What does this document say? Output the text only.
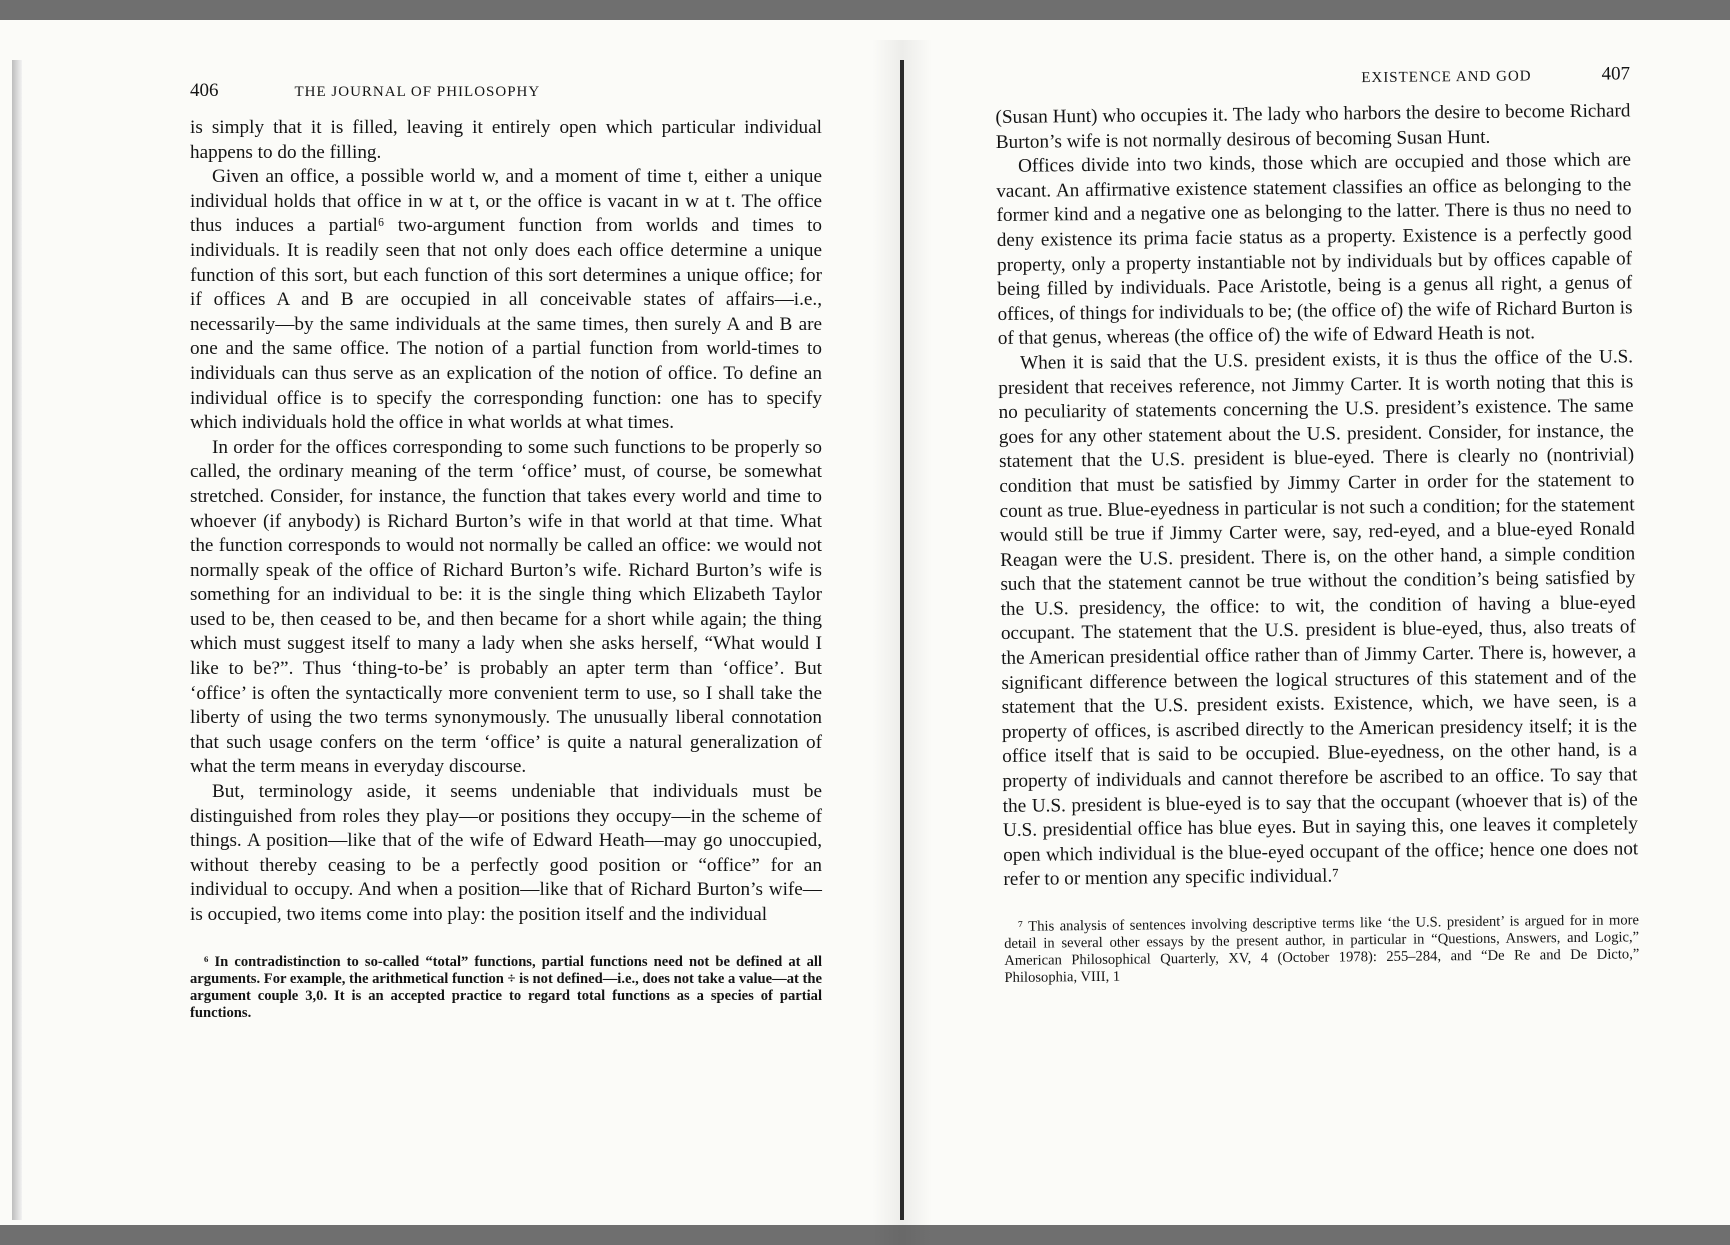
406	THE JOURNAL OF PHILOSOPHY

is simply that it is filled, leaving it entirely open which particular individual happens to do the filling.

Given an office, a possible world w, and a moment of time t, either a unique individual holds that office in w at t, or the office is vacant in w at t. The office thus induces a partial⁶ two-argument function from worlds and times to individuals. It is readily seen that not only does each office determine a unique function of this sort, but each function of this sort determines a unique office; for if offices A and B are occupied in all conceivable states of affairs—i.e., necessarily—by the same individuals at the same times, then surely A and B are one and the same office. The notion of a partial function from world-times to individuals can thus serve as an explication of the notion of office. To define an individual office is to specify the corresponding function: one has to specify which individuals hold the office in what worlds at what times.

In order for the offices corresponding to some such functions to be properly so called, the ordinary meaning of the term ‘office’ must, of course, be somewhat stretched. Consider, for instance, the function that takes every world and time to whoever (if anybody) is Richard Burton’s wife in that world at that time. What the function corresponds to would not normally be called an office: we would not normally speak of the office of Richard Burton’s wife. Richard Burton’s wife is something for an individual to be: it is the single thing which Elizabeth Taylor used to be, then ceased to be, and then became for a short while again; the thing which must suggest itself to many a lady when she asks herself, “What would I like to be?”. Thus ‘thing-to-be’ is probably an apter term than ‘office’. But ‘office’ is often the syntactically more convenient term to use, so I shall take the liberty of using the two terms synonymously. The unusually liberal connotation that such usage confers on the term ‘office’ is quite a natural generalization of what the term means in everyday discourse.

But, terminology aside, it seems undeniable that individuals must be distinguished from roles they play—or positions they occupy—in the scheme of things. A position—like that of the wife of Edward Heath—may go unoccupied, without thereby ceasing to be a perfectly good position or “office” for an individual to occupy. And when a position—like that of Richard Burton’s wife—is occupied, two items come into play: the position itself and the individual

⁶ In contradistinction to so-called “total” functions, partial functions need not be defined at all arguments. For example, the arithmetical function ÷ is not defined—i.e., does not take a value—at the argument couple 3,0. It is an accepted practice to regard total functions as a species of partial functions.

EXISTENCE AND GOD	407

(Susan Hunt) who occupies it. The lady who harbors the desire to become Richard Burton’s wife is not normally desirous of becoming Susan Hunt.

Offices divide into two kinds, those which are occupied and those which are vacant. An affirmative existence statement classifies an office as belonging to the former kind and a negative one as belonging to the latter. There is thus no need to deny existence its prima facie status as a property. Existence is a perfectly good property, only a property instantiable not by individuals but by offices capable of being filled by individuals. Pace Aristotle, being is a genus all right, a genus of offices, of things for individuals to be; (the office of) the wife of Richard Burton is of that genus, whereas (the office of) the wife of Edward Heath is not.

When it is said that the U.S. president exists, it is thus the office of the U.S. president that receives reference, not Jimmy Carter. It is worth noting that this is no peculiarity of statements concerning the U.S. president’s existence. The same goes for any other statement about the U.S. president. Consider, for instance, the statement that the U.S. president is blue-eyed. There is clearly no (nontrivial) condition that must be satisfied by Jimmy Carter in order for the statement to count as true. Blue-eyedness in particular is not such a condition; for the statement would still be true if Jimmy Carter were, say, red-eyed, and a blue-eyed Ronald Reagan were the U.S. president. There is, on the other hand, a simple condition such that the statement cannot be true without the condition’s being satisfied by the U.S. presidency, the office: to wit, the condition of having a blue-eyed occupant. The statement that the U.S. president is blue-eyed, thus, also treats of the American presidential office rather than of Jimmy Carter. There is, however, a significant difference between the logical structures of this statement and of the statement that the U.S. president exists. Existence, which, we have seen, is a property of offices, is ascribed directly to the American presidency itself; it is the office itself that is said to be occupied. Blue-eyedness, on the other hand, is a property of individuals and cannot therefore be ascribed to an office. To say that the U.S. president is blue-eyed is to say that the occupant (whoever that is) of the U.S. presidential office has blue eyes. But in saying this, one leaves it completely open which individual is the blue-eyed occupant of the office; hence one does not refer to or mention any specific individual.⁷

⁷ This analysis of sentences involving descriptive terms like ‘the U.S. president’ is argued for in more detail in several other essays by the present author, in particular in “Questions, Answers, and Logic,” American Philosophical Quarterly, XV, 4 (October 1978): 255–284, and “De Re and De Dicto,” Philosophia, VIII, 1
